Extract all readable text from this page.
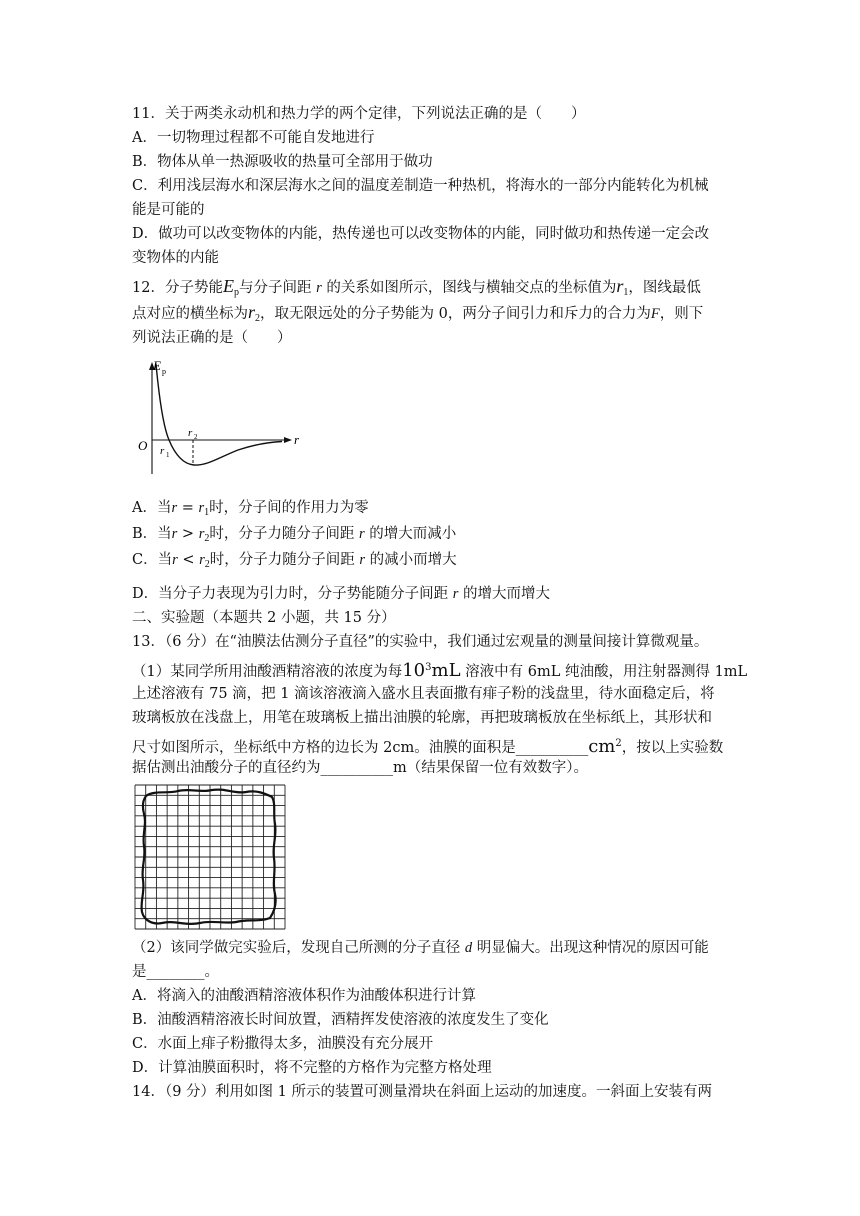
11．关于两类永动机和热力学的两个定律，下列说法正确的是（　　）
A．一切物理过程都不可能自发地进行
B．物体从单一热源吸收的热量可全部用于做功
C．利用浅层海水和深层海水之间的温度差制造一种热机，将海水的一部分内能转化为机械
能是可能的
D．做功可以改变物体的内能，热传递也可以改变物体的内能，同时做功和热传递一定会改
变物体的内能
12．分子势能$E_p$与分子间距 r 的关系如图所示，图线与横轴交点的坐标值为$r_1$，图线最低
点对应的横坐标为$r_2$，取无限远处的分子势能为 0，两分子间引力和斥力的合力为F，则下
列说法正确的是（　　）
E p
r
O r 1
r 2
A．当$r = r_1$时，分子间的作用力为零
B．当$r > r_2$时，分子力随分子间距 r 的增大而减小
C．当$r < r_2$时，分子力随分子间距 r 的减小而增大
D．当分子力表现为引力时，分子势能随分子间距 r 的增大而增大
二、实验题（本题共 2 小题，共 15 分）
13．（6 分）在“油膜法估测分子直径”的实验中，我们通过宏观量的测量间接计算微观量。
（1）某同学所用油酸酒精溶液的浓度为每$10^3mL$ 溶液中有 6mL 纯油酸，用注射器测得 1mL
上述溶液有 75 滴，把 1 滴该溶液滴入盛水且表面撒有痱子粉的浅盘里，待水面稳定后，将
玻璃板放在浅盘上，用笔在玻璃板上描出油膜的轮廓，再把玻璃板放在坐标纸上，其形状和
尺寸如图所示，坐标纸中方格的边长为 2cm。油膜的面积是$\_\_\_\_\_\_\_\_\_\_cm^2$，按以上实验数
据估测出油酸分子的直径约为__________m（结果保留一位有效数字）。
（2）该同学做完实验后，发现自己所测的分子直径 d 明显偏大。出现这种情况的原因可能
是________。
A．将滴入的油酸酒精溶液体积作为油酸体积进行计算
B．油酸酒精溶液长时间放置，酒精挥发使溶液的浓度发生了变化
C．水面上痱子粉撒得太多，油膜没有充分展开
D．计算油膜面积时，将不完整的方格作为完整方格处理
14．（9 分）利用如图 1 所示的装置可测量滑块在斜面上运动的加速度。一斜面上安装有两
